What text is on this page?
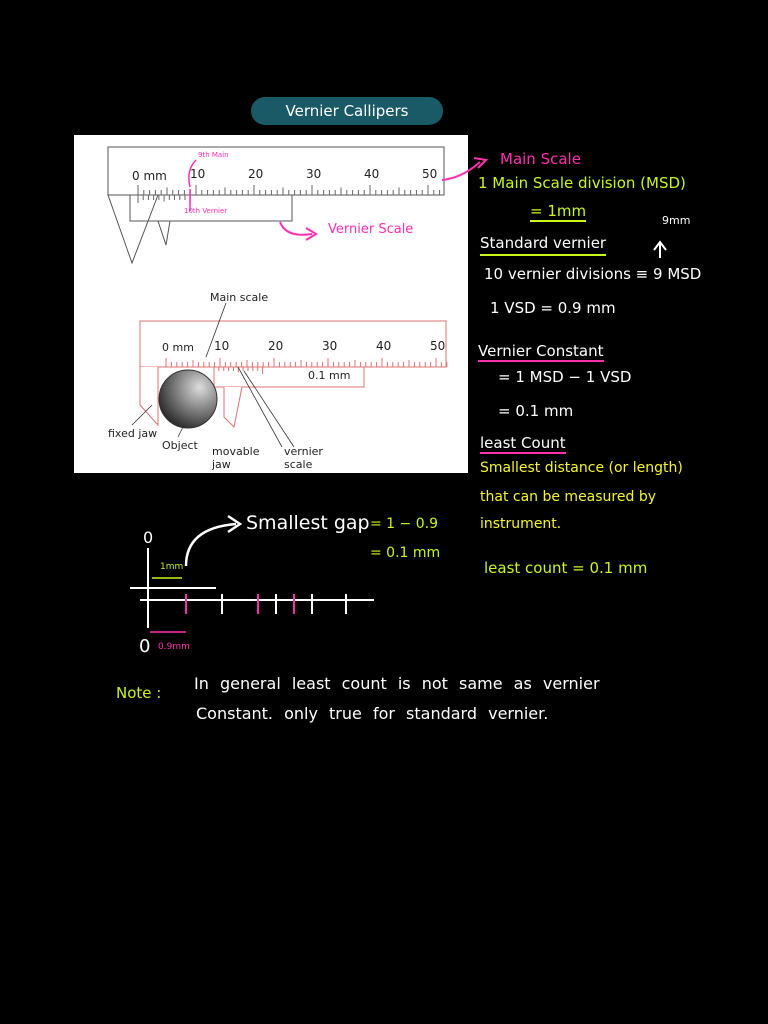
Vernier Callipers
0 mm 10	20	30	40	50
9th Main
10th Vernier
Main scale
0 mm 10	20	30	40	50
0.1 mm
fixed jaw
Object movable jaw
vernier scale
Main Scale
Vernier Scale
1 Main Scale division (MSD)
= 1mm
9mm
Standard vernier
10 vernier divisions ≡ 9 MSD
1 VSD = 0.9 mm
Vernier Constant
= 1 MSD − 1 VSD
= 0.1 mm
least Count
Smallest distance (or length)
that can be measured by
instrument.
least count = 0.1 mm
Smallest gap = 1 − 0.9
= 0.1 mm
0
0
1mm
0.9mm
Note : In general least count is not same as vernier
Constant. only true for standard vernier.
